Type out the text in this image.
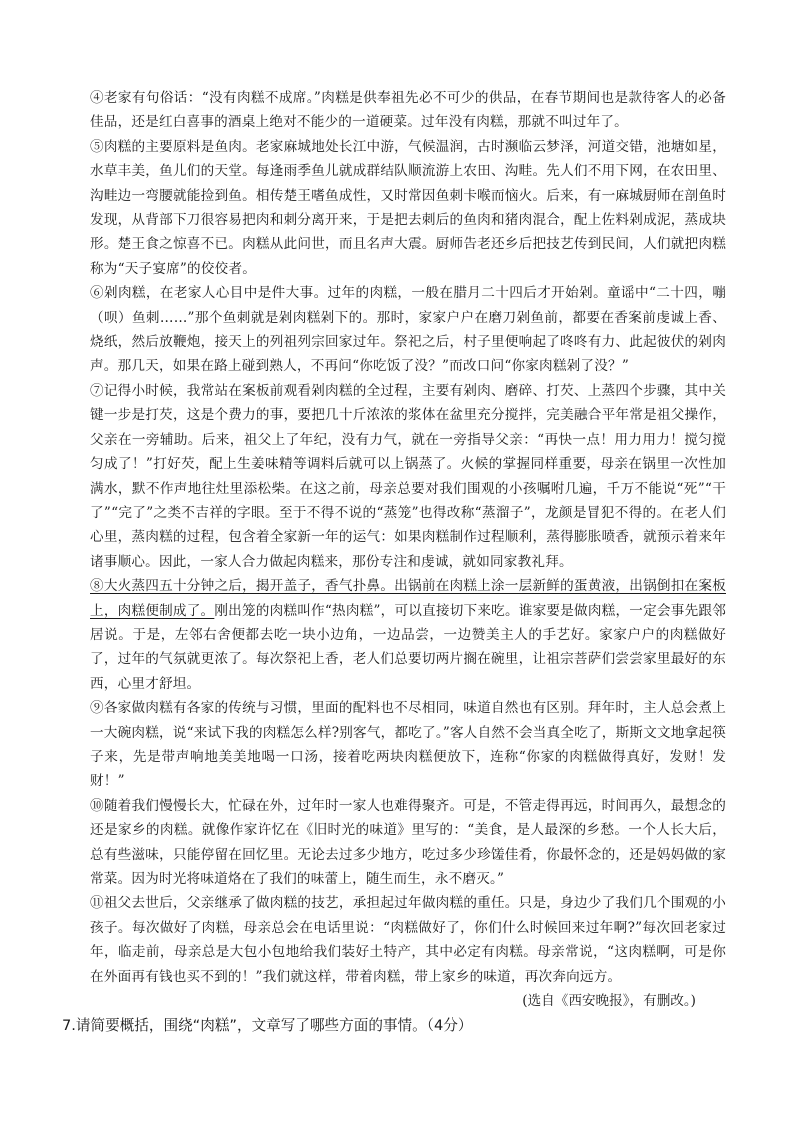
④老家有句俗话：“没有肉糕不成席。”肉糕是供奉祖先必不可少的供品，在春节期间也是款待客人的必备佳品，还是红白喜事的酒桌上绝对不能少的一道硬菜。过年没有肉糕，那就不叫过年了。

⑤肉糕的主要原料是鱼肉。老家麻城地处长江中游，气候温润，古时濒临云梦泽，河道交错，池塘如星，水草丰美，鱼儿们的天堂。每逢雨季鱼儿就成群结队顺流游上农田、沟畦。先人们不用下网，在农田里、沟畦边一弯腰就能捡到鱼。相传楚王嗜鱼成性，又时常因鱼刺卡喉而恼火。后来，有一麻城厨师在剖鱼时发现，从背部下刀很容易把肉和刺分离开来，于是把去刺后的鱼肉和猪肉混合，配上佐料剁成泥，蒸成块形。楚王食之惊喜不已。肉糕从此问世，而且名声大震。厨师告老还乡后把技艺传到民间，人们就把肉糕称为“天子宴席”的佼佼者。

⑥剁肉糕，在老家人心目中是件大事。过年的肉糕，一般在腊月二十四后才开始剁。童谣中“二十四，嘣（呗）鱼刺……”那个鱼刺就是剁肉糕剁下的。那时，家家户户在磨刀剁鱼前，都要在香案前虔诚上香、烧纸，然后放鞭炮，接天上的列祖列宗回家过年。祭祀之后，村子里便响起了咚咚有力、此起彼伏的剁肉声。那几天，如果在路上碰到熟人，不再问“你吃饭了没？”而改口问“你家肉糕剁了没？”

⑦记得小时候，我常站在案板前观看剁肉糕的全过程，主要有剁肉、磨碎、打芡、上蒸四个步骤，其中关键一步是打芡，这是个费力的事，要把几十斤浓浓的浆体在盆里充分搅拌，完美融合平年常是祖父操作，父亲在一旁辅助。后来，祖父上了年纪，没有力气，就在一旁指导父亲：“再快一点！用力用力！搅匀搅匀成了！”打好芡，配上生姜味精等调料后就可以上锅蒸了。火候的掌握同样重要，母亲在锅里一次性加满水，默不作声地往灶里添松柴。在这之前，母亲总要对我们围观的小孩嘱咐几遍，千万不能说“死”“干了”“完了”之类不吉祥的字眼。至于不得不说的“蒸笼”也得改称“蒸溜子”，龙颜是冒犯不得的。在老人们心里，蒸肉糕的过程，包含着全家新一年的运气：如果肉糕制作过程顺利，蒸得膨胀喷香，就预示着来年诸事顺心。因此，一家人合力做起肉糕来，那份专注和虔诚，就如同家教礼拜。

⑧大火蒸四五十分钟之后，揭开盖子，香气扑鼻。出锅前在肉糕上涂一层新鲜的蛋黄液，出锅倒扣在案板上，肉糕便制成了。刚出笼的肉糕叫作“热肉糕”，可以直接切下来吃。谁家要是做肉糕，一定会事先跟邻居说。于是，左邻右舍便都去吃一块小边角，一边品尝，一边赞美主人的手艺好。家家户户的肉糕做好了，过年的气氛就更浓了。每次祭祀上香，老人们总要切两片搁在碗里，让祖宗菩萨们尝尝家里最好的东西，心里才舒坦。

⑨各家做肉糕有各家的传统与习惯，里面的配料也不尽相同，味道自然也有区别。拜年时，主人总会煮上一大碗肉糕，说“来试下我的肉糕怎么样?别客气，都吃了。”客人自然不会当真全吃了，斯斯文文地拿起筷子来，先是带声响地美美地喝一口汤，接着吃两块肉糕便放下，连称“你家的肉糕做得真好，发财！发财！”

⑩随着我们慢慢长大，忙碌在外，过年时一家人也难得聚齐。可是，不管走得再远，时间再久，最想念的还是家乡的肉糕。就像作家许忆在《旧时光的味道》里写的：“美食，是人最深的乡愁。一个人长大后，总有些滋味，只能停留在回忆里。无论去过多少地方，吃过多少珍馐佳肴，你最怀念的，还是妈妈做的家常菜。因为时光将味道烙在了我们的味蕾上，随生而生，永不磨灭。”

⑪祖父去世后，父亲继承了做肉糕的技艺，承担起过年做肉糕的重任。只是，身边少了我们几个围观的小孩子。每次做好了肉糕，母亲总会在电话里说：“肉糕做好了，你们什么时候回来过年啊?”每次回老家过年，临走前，母亲总是大包小包地给我们装好土特产，其中必定有肉糕。母亲常说，“这肉糕啊，可是你在外面再有钱也买不到的！”我们就这样，带着肉糕，带上家乡的味道，再次奔向远方。

(选自《西安晚报》，有删改。)

7.请简要概括，围绕“肉糕”，文章写了哪些方面的事情。（4分）
